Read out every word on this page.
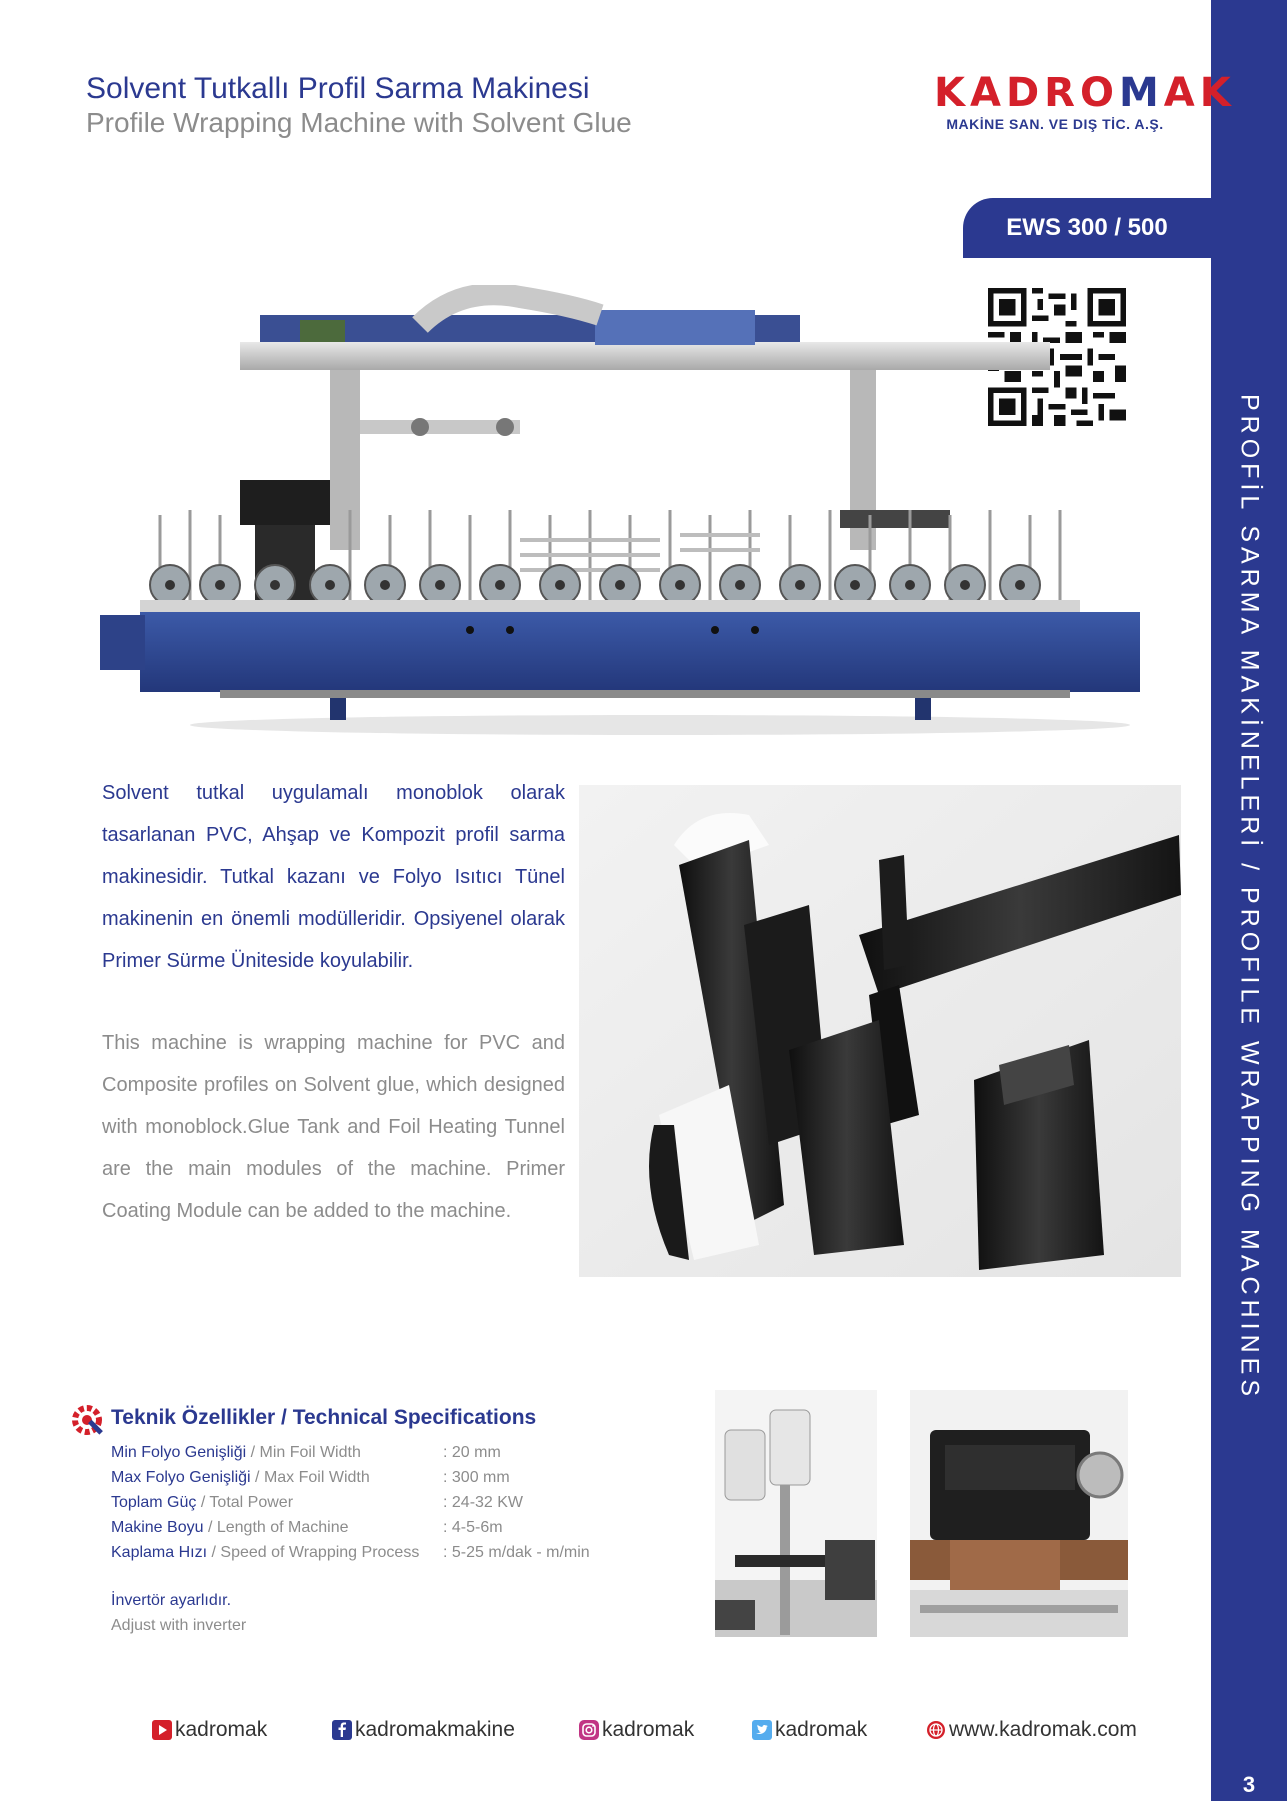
PROFİL SARMA MAKİNELERİ / PROFILE WRAPPING MACHINES
3
Solvent Tutkallı Profil Sarma Makinesi
Profile Wrapping Machine with Solvent Glue
KADROMAK
MAKİNE SAN. VE DIŞ TİC. A.Ş.
EWS 300 / 500
Solvent tutkal uygulamalı monoblok olarak tasarlanan PVC, Ahşap ve Kompozit profil sarma makinesidir. Tutkal kazanı ve Folyo Isıtıcı Tünel makinenin en önemli modülleridir. Opsiyenel olarak Primer Sürme Üniteside koyulabilir.
This machine is wrapping machine for PVC and Composite profiles on Solvent glue, which designed with monoblock.Glue Tank and Foil Heating Tunnel are the main modules of the machine. Primer Coating Module can be added to the machine.
Teknik Özellikler / Technical Specifications
Min Folyo Genişliği / Min Foil Width	: 20 mm
Max Folyo Genişliği / Max Foil Width	: 300 mm
Toplam Güç / Total Power	: 24-32 KW
Makine Boyu / Length of Machine	: 4-5-6m
Kaplama Hızı / Speed of Wrapping Process	: 5-25 m/dak - m/min
İnvertör ayarlıdır.
Adjust with inverter
kadromak	kadromakmakine	kadromak	kadromak	www.kadromak.com
